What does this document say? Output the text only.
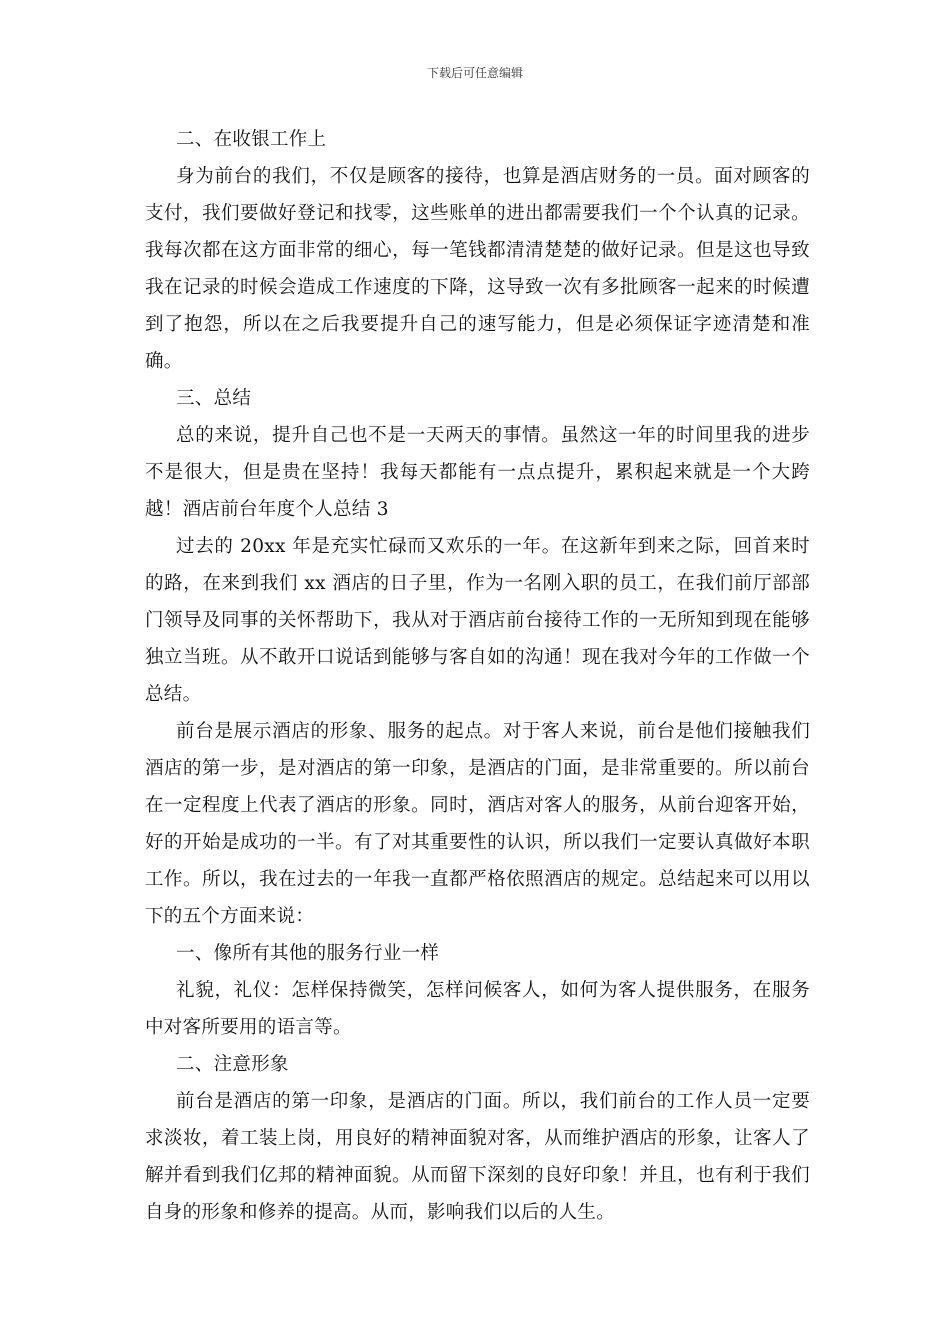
下载后可任意编辑

二、在收银工作上

身为前台的我们，不仅是顾客的接待，也算是酒店财务的一员。面对顾客的支付，我们要做好登记和找零，这些账单的进出都需要我们一个个认真的记录。我每次都在这方面非常的细心，每一笔钱都清清楚楚的做好记录。但是这也导致我在记录的时候会造成工作速度的下降，这导致一次有多批顾客一起来的时候遭到了抱怨，所以在之后我要提升自己的速写能力，但是必须保证字迹清楚和准确。

三、总结

总的来说，提升自己也不是一天两天的事情。虽然这一年的时间里我的进步不是很大，但是贵在坚持！我每天都能有一点点提升，累积起来就是一个大跨越！酒店前台年度个人总结 3

过去的 20xx 年是充实忙碌而又欢乐的一年。在这新年到来之际，回首来时的路，在来到我们 xx 酒店的日子里，作为一名刚入职的员工，在我们前厅部部门领导及同事的关怀帮助下，我从对于酒店前台接待工作的一无所知到现在能够独立当班。从不敢开口说话到能够与客自如的沟通！现在我对今年的工作做一个总结。

前台是展示酒店的形象、服务的起点。对于客人来说，前台是他们接触我们酒店的第一步，是对酒店的第一印象，是酒店的门面，是非常重要的。所以前台在一定程度上代表了酒店的形象。同时，酒店对客人的服务，从前台迎客开始，好的开始是成功的一半。有了对其重要性的认识，所以我们一定要认真做好本职工作。所以，我在过去的一年我一直都严格依照酒店的规定。总结起来可以用以下的五个方面来说：

一、像所有其他的服务行业一样

礼貌，礼仪：怎样保持微笑，怎样问候客人，如何为客人提供服务，在服务中对客所要用的语言等。

二、注意形象

前台是酒店的第一印象，是酒店的门面。所以，我们前台的工作人员一定要求淡妆，着工装上岗，用良好的精神面貌对客，从而维护酒店的形象，让客人了解并看到我们亿邦的精神面貌。从而留下深刻的良好印象！并且，也有利于我们自身的形象和修养的提高。从而，影响我们以后的人生。
